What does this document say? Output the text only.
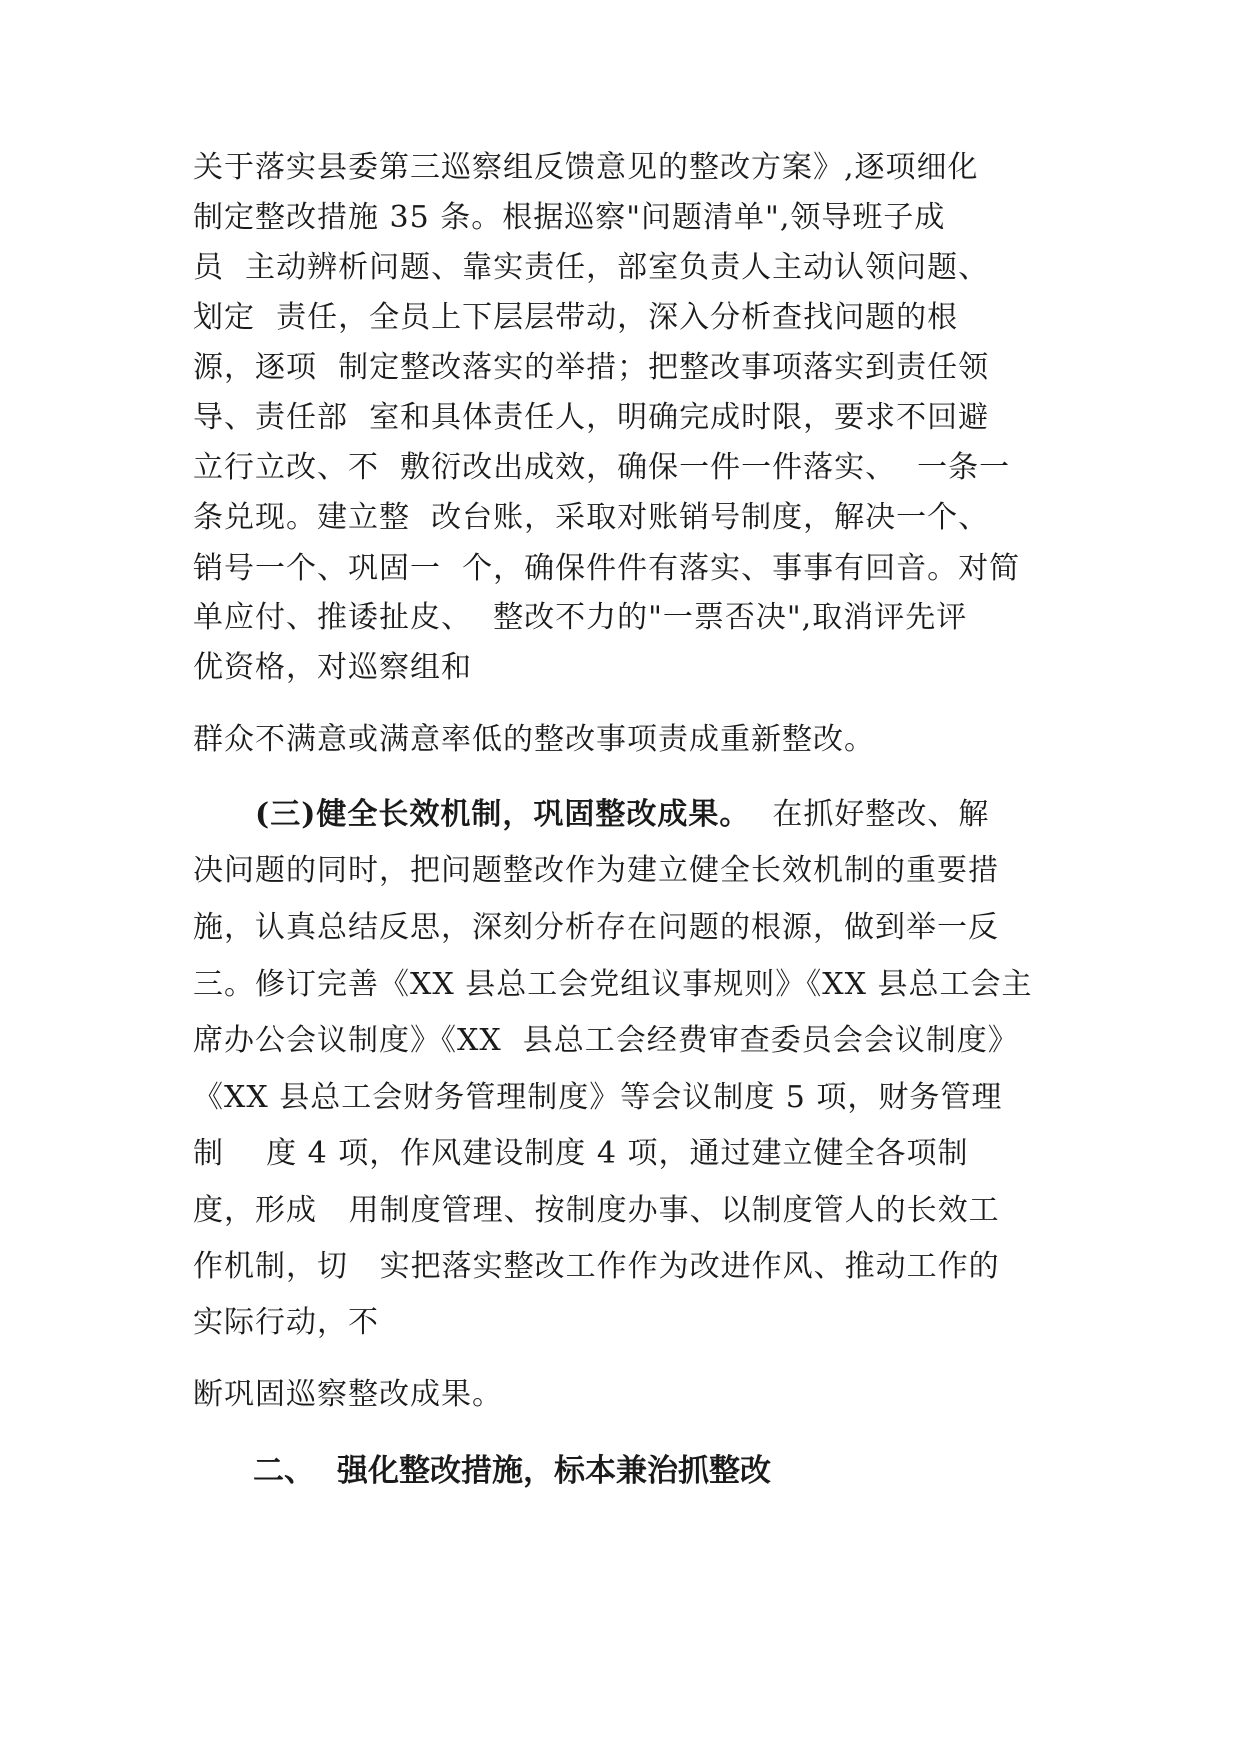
关于落实县委第三巡察组反馈意见的整改方案》,逐项细化
制定整改措施 35 条。根据巡察"问题清单",领导班子成
员  主动辨析问题、靠实责任，部室负责人主动认领问题、
划定  责任，全员上下层层带动，深入分析查找问题的根
源，逐项  制定整改落实的举措；把整改事项落实到责任领
导、责任部  室和具体责任人，明确完成时限，要求不回避
立行立改、不  敷衍改出成效，确保一件一件落实、  一条一
条兑现。建立整  改台账，采取对账销号制度，解决一个、
销号一个、巩固一  个，确保件件有落实、事事有回音。对简
单应付、推诿扯皮、  整改不力的"一票否决",取消评先评
优资格，对巡察组和
群众不满意或满意率低的整改事项责成重新整改。
(三)健全长效机制，巩固整改成果。 在抓好整改、解
决问题的同时，把问题整改作为建立健全长效机制的重要措
施，认真总结反思，深刻分析存在问题的根源，做到举一反
三。修订完善《XX 县总工会党组议事规则》《XX 县总工会主
席办公会议制度》《XX  县总工会经费审查委员会会议制度》
《XX 县总工会财务管理制度》等会议制度 5 项，财务管理
制    度 4 项，作风建设制度 4 项，通过建立健全各项制
度，形成   用制度管理、按制度办事、以制度管人的长效工
作机制，切   实把落实整改工作作为改进作风、推动工作的
实际行动，不
断巩固巡察整改成果。
二、 强化整改措施，标本兼治抓整改
